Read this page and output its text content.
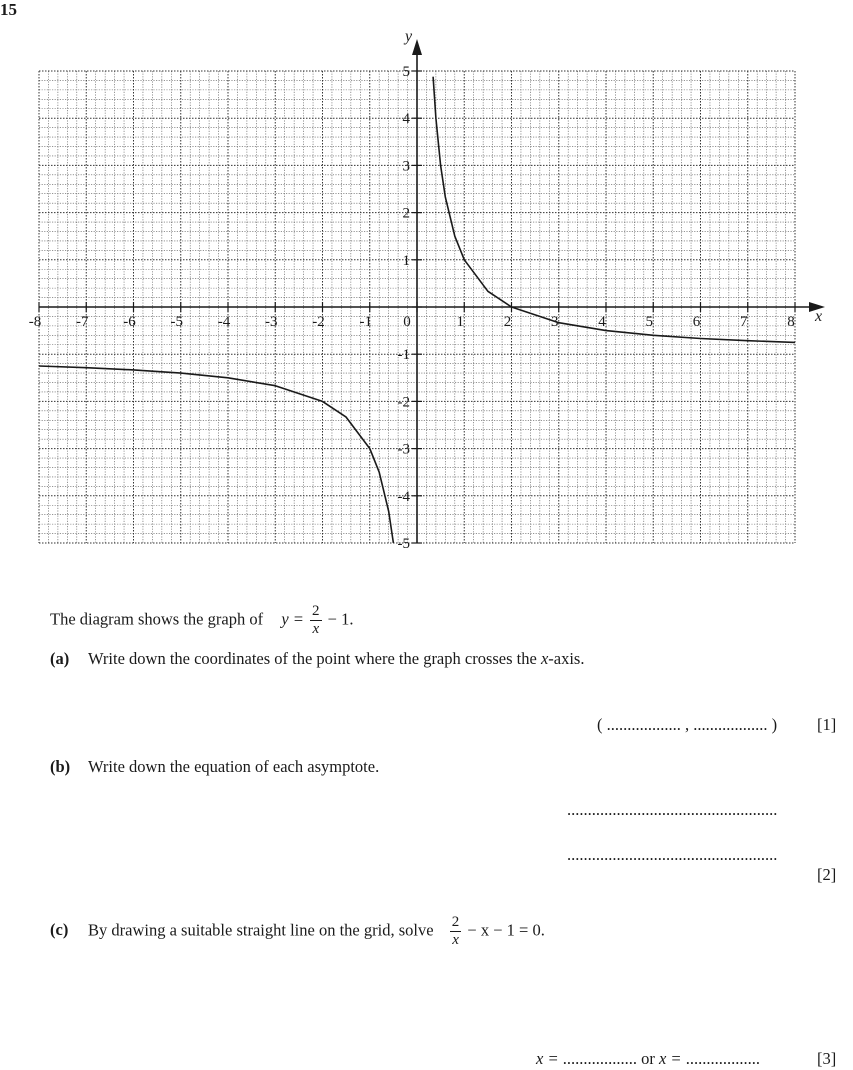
15
-8 -7 -6 -5 -4 -3 -2 -1 0	1	2	3	4	5	6	7	8
-5
-4
-3
-2
-1
1
2
3
4
5
x
y
The diagram shows the graph of $y = \frac{2}{x} - 1$.
(a) Write down the coordinates of the point where the graph crosses the x-axis.
( .................. , .................. ) [1]
(b) Write down the equation of each asymptote.
...................................................
...................................................
[2]
(c) By drawing a suitable straight line on the grid, solve $\frac{2}{x} - x - 1 = 0$.
x = .................. or x = ..................	[3]
